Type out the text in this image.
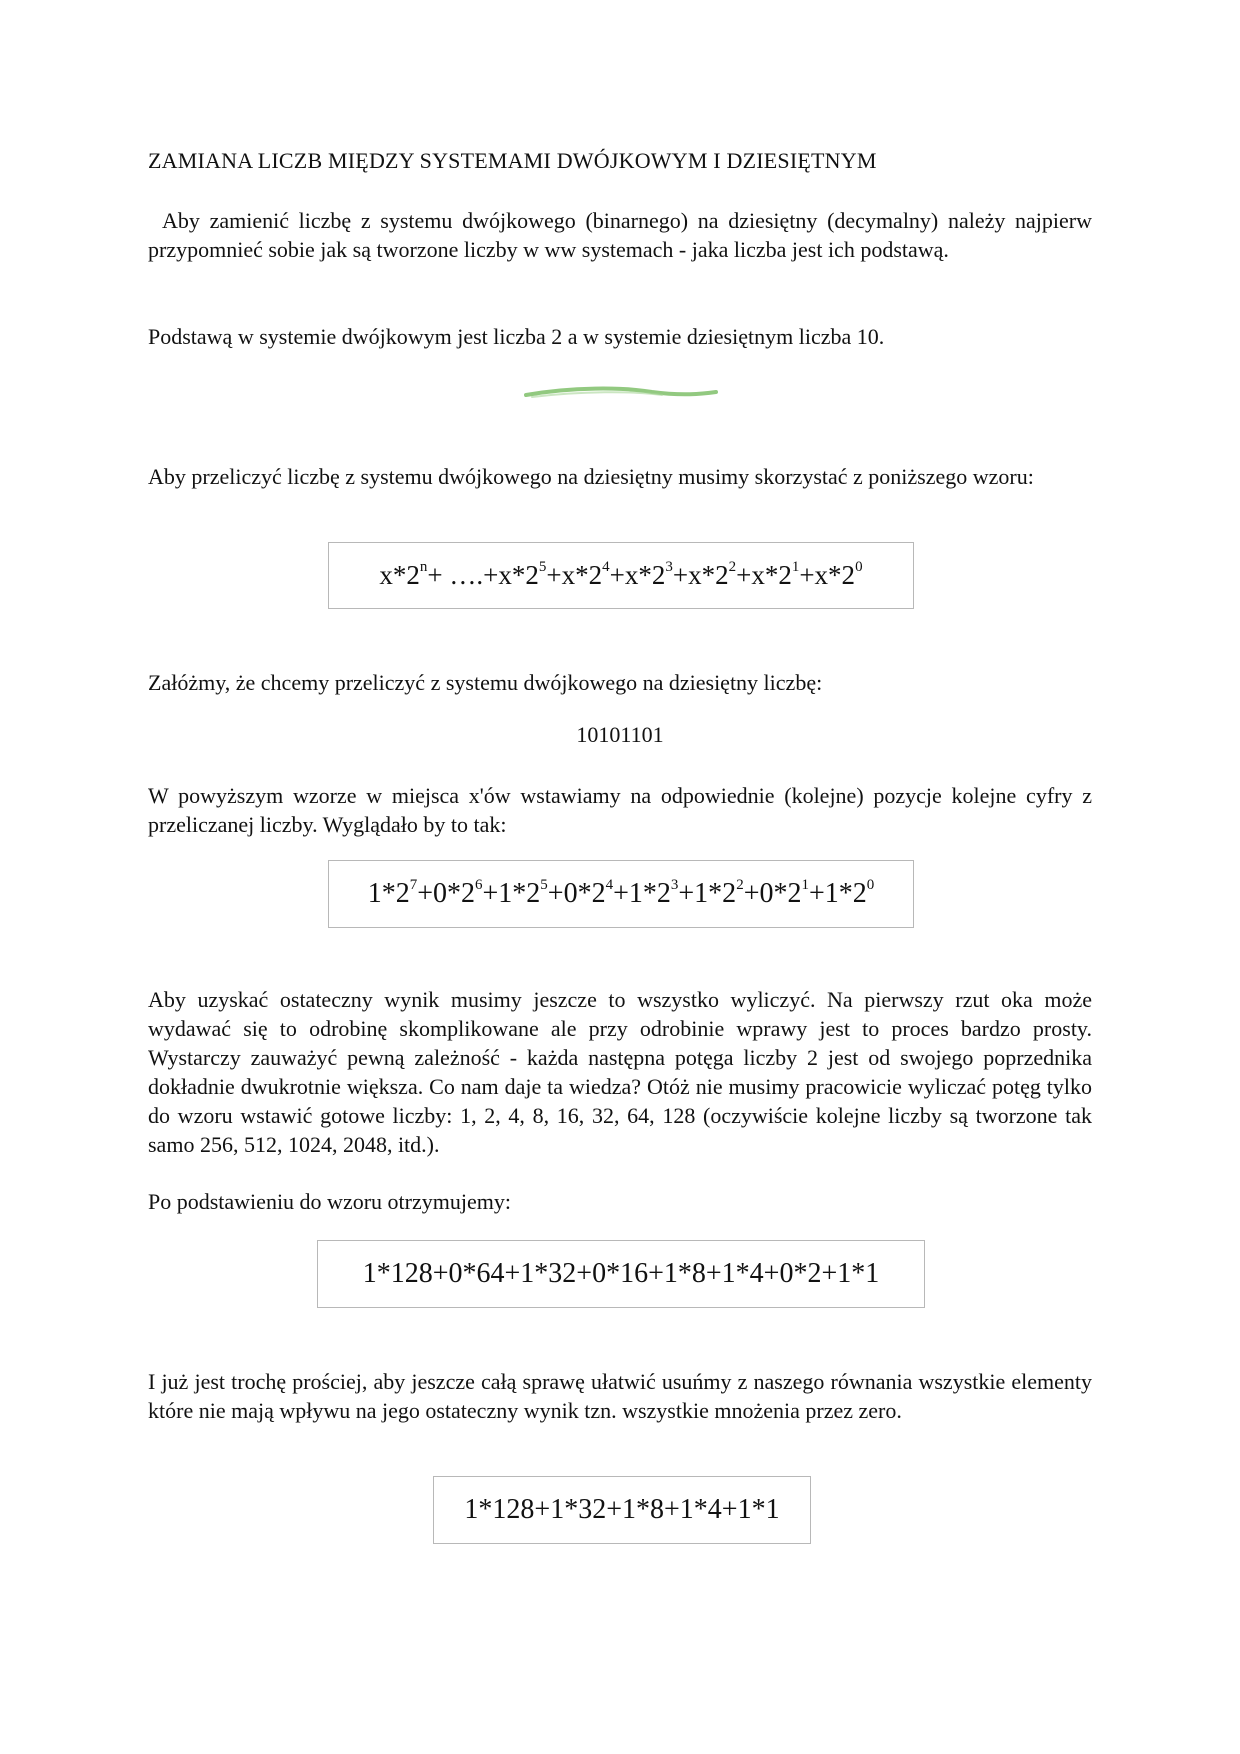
ZAMIANA LICZB MIĘDZY SYSTEMAMI DWÓJKOWYM I DZIESIĘTNYM
Aby zamienić liczbę z systemu dwójkowego (binarnego) na dziesiętny (decymalny) należy najpierw przypomnieć sobie jak są tworzone liczby w ww systemach - jaka liczba jest ich podstawą.
Podstawą w systemie dwójkowym jest liczba 2 a w systemie dziesiętnym liczba 10.
Aby przeliczyć liczbę z systemu dwójkowego na dziesiętny musimy skorzystać z poniższego wzoru:
$x*2^n+$ $\dots.+x*2^5+x*2^4+x*2^3+x*2^2+x*2^1+x*2^0$
Załóżmy, że chcemy przeliczyć z systemu dwójkowego na dziesiętny liczbę:
10101101
W powyższym wzorze w miejsca x'ów wstawiamy na odpowiednie (kolejne) pozycje kolejne cyfry z przeliczanej liczby. Wyglądało by to tak:
$1*2^7+0*2^6+1*2^5+0*2^4+1*2^3+1*2^2+0*2^1+1*2^0$
Aby uzyskać ostateczny wynik musimy jeszcze to wszystko wyliczyć. Na pierwszy rzut oka może wydawać się to odrobinę skomplikowane ale przy odrobinie wprawy jest to proces bardzo prosty. Wystarczy zauważyć pewną zależność - każda następna potęga liczby 2 jest od swojego poprzednika dokładnie dwukrotnie większa. Co nam daje ta wiedza? Otóż nie musimy pracowicie wyliczać potęg tylko do wzoru wstawić gotowe liczby: 1, 2, 4, 8, 16, 32, 64, 128 (oczywiście kolejne liczby są tworzone tak samo 256, 512, 1024, 2048, itd.).
Po podstawieniu do wzoru otrzymujemy:
1*128+0*64+1*32+0*16+1*8+1*4+0*2+1*1
I już jest trochę prościej, aby jeszcze całą sprawę ułatwić usuńmy z naszego równania wszystkie elementy które nie mają wpływu na jego ostateczny wynik tzn. wszystkie mnożenia przez zero.
1*128+1*32+1*8+1*4+1*1
